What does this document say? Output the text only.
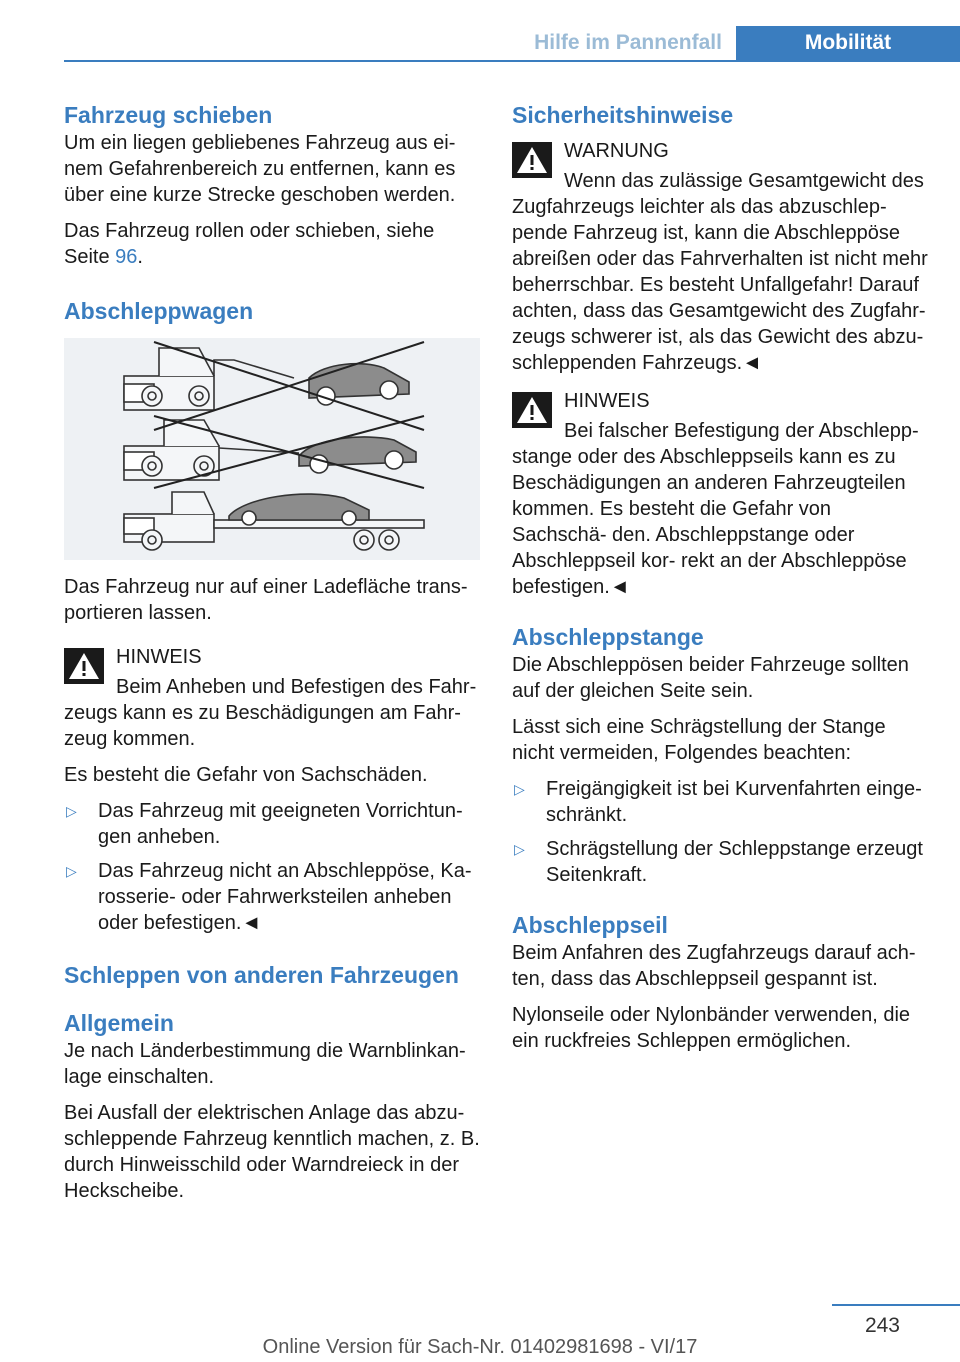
Hilfe im Pannenfall	Mobilität
Fahrzeug schieben

Um ein liegen gebliebenes Fahrzeug aus ei‐ nem Gefahrenbereich zu entfernen, kann es über eine kurze Strecke geschoben werden.

Das Fahrzeug rollen oder schieben, siehe Seite 96.

Abschleppwagen

Das Fahrzeug nur auf einer Ladefläche trans‐ portieren lassen.

HINWEIS

Beim Anheben und Befestigen des Fahr‐

zeugs kann es zu Beschädigungen am Fahr‐ zeug kommen.

Es besteht die Gefahr von Sachschäden.

▷ Das Fahrzeug mit geeigneten Vorrichtun‐ gen anheben.
▷ Das Fahrzeug nicht an Abschleppöse, Ka‐ rosserie- oder Fahrwerksteilen anheben oder befestigen.◄
Schleppen von anderen Fahrzeugen
Allgemein

Je nach Länderbestimmung die Warnblinkan‐ lage einschalten.

Bei Ausfall der elektrischen Anlage das abzu‐ schleppende Fahrzeug kenntlich machen, z. B. durch Hinweisschild oder Warndreieck in der Heckscheibe.

Sicherheitshinweise

WARNUNG

Wenn das zulässige Gesamtgewicht des

Zugfahrzeugs leichter als das abzuschlep‐ pende Fahrzeug ist, kann die Abschleppöse abreißen oder das Fahrverhalten ist nicht mehr beherrschbar. Es besteht Unfallgefahr! Darauf achten, dass das Gesamtgewicht des Zugfahr‐ zeugs schwerer ist, als das Gewicht des abzu‐ schleppenden Fahrzeugs.◄

HINWEIS

Bei falscher Befestigung der Abschlepp‐

stange oder des Abschleppseils kann es zu Beschädigungen an anderen Fahrzeugteilen kommen. Es besteht die Gefahr von Sachschä‐ den. Abschleppstange oder Abschleppseil kor‐ rekt an der Abschleppöse befestigen.◄

Abschleppstange

Die Abschleppösen beider Fahrzeuge sollten auf der gleichen Seite sein.

Lässt sich eine Schrägstellung der Stange nicht vermeiden, Folgendes beachten:

▷ Freigängigkeit ist bei Kurvenfahrten einge‐ schränkt.
▷ Schrägstellung der Schleppstange erzeugt Seitenkraft.
Abschleppseil

Beim Anfahren des Zugfahrzeugs darauf ach‐ ten, dass das Abschleppseil gespannt ist.

Nylonseile oder Nylonbänder verwenden, die ein ruckfreies Schleppen ermöglichen.

243
Online Version für Sach-Nr. 01402981698 - VI/17
